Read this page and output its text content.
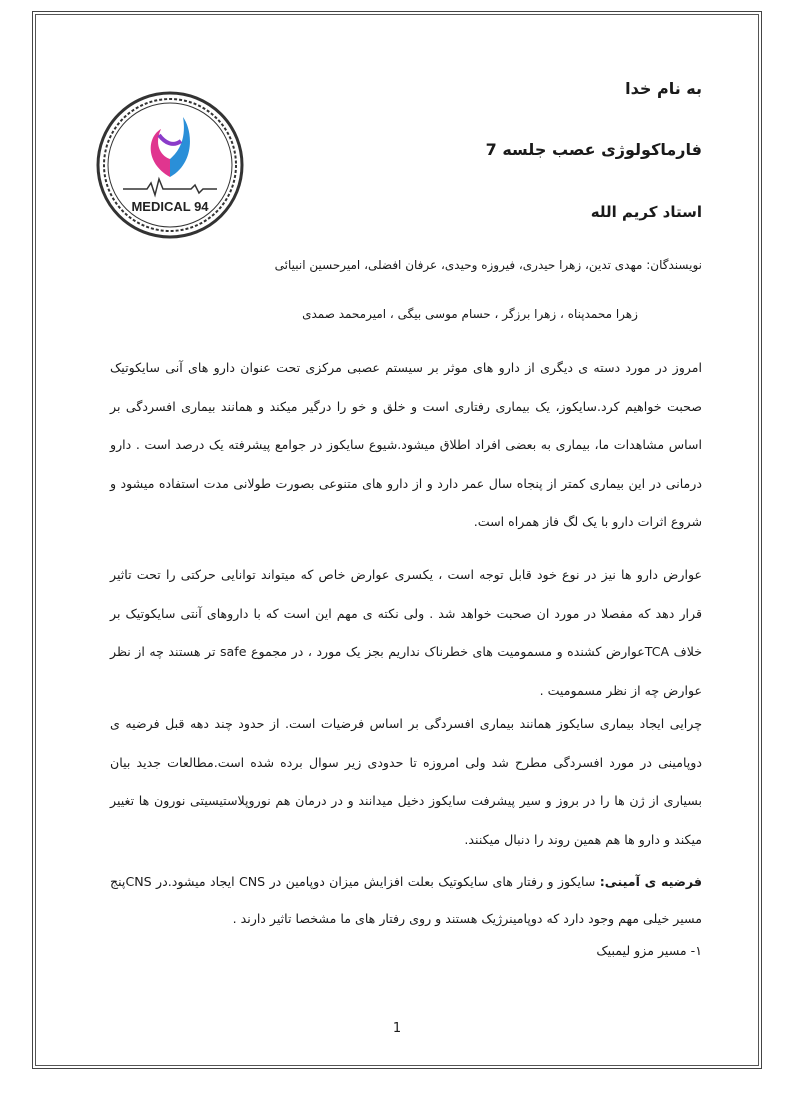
MEDICAL 94
به نام خدا
فارماکولوژی عصب جلسه 7
استاد کریم الله
نویسندگان: مهدی تدین، زهرا حیدری، فیروزه وحیدی، عرفان افضلی، امیرحسین انبیائی
زهرا محمدپناه ، زهرا برزگر ، حسام موسی بیگی ، امیرمحمد صمدی
امروز در مورد دسته ی دیگری از دارو های موثر بر سیستم عصبی مرکزی تحت عنوان دارو های آنی سایکوتیک صحبت خواهیم کرد.سایکوز، یک بیماری رفتاری است و خلق و خو را درگیر میکند و همانند بیماری افسردگی بر اساس مشاهدات ما، بیماری به بعضی افراد اطلاق میشود.شیوع سایکوز در جوامع پیشرفته یک درصد است . دارو درمانی در این بیماری کمتر از پنجاه سال عمر دارد و از دارو های متنوعی بصورت طولانی مدت استفاده میشود و شروع اثرات دارو با یک لگ فاز همراه است.
عوارض دارو ها نیز در نوع خود قابل توجه است ، یکسری عوارض خاص که میتواند توانایی حرکتی را تحت تاثیر قرار دهد که مفصلا در مورد ان صحبت خواهد شد . ولی نکته ی مهم این است که با داروهای آنتی سایکوتیک بر خلاف TCAعوارض کشنده و مسمومیت های خطرناک نداریم بجز یک مورد ، در مجموع safe تر هستند چه از نظر عوارض چه از نظر مسمومیت .
چرایی ایجاد بیماری سایکوز همانند بیماری افسردگی بر اساس فرضیات است. از حدود چند دهه قبل فرضیه ی دوپامینی در مورد افسردگی مطرح شد ولی امروزه تا حدودی زیر سوال برده شده است.مطالعات جدید بیان بسیاری از ژن ها را در بروز و سیر پیشرفت سایکوز دخیل میدانند و در درمان هم نوروپلاستیسیتی نورون ها تغییر میکند و دارو ها هم همین روند را دنبال میکنند.
فرضیه ی آمینی: سایکوز و رفتار های سایکوتیک بعلت افزایش میزان دوپامین در CNS ایجاد میشود.در CNSپنج مسیر خیلی مهم وجود دارد که دوپامینرژیک هستند و روی رفتار های ما مشخصا تاثیر دارند .
۱- مسیر مزو لیمبیک
1
